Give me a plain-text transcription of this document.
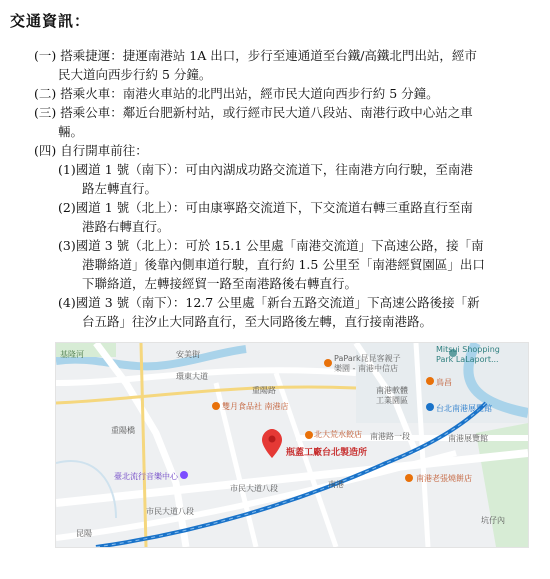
交通資訊：
(一) 搭乘捷運：捷運南港站 1A 出口，步行至連通道至台鐵/高鐵北門出站，經市
民大道向西步行約 5 分鐘。
(二) 搭乘火車：南港火車站的北門出站，經市民大道向西步行約 5 分鐘。
(三) 搭乘公車：鄰近台肥新村站，或行經市民大道八段站、南港行政中心站之車
輛。
(四) 自行開車前往：
(1)國道 1 號（南下）：可由內湖成功路交流道下，往南港方向行駛，至南港
路左轉直行。
(2)國道 1 號（北上）：可由康寧路交流道下，下交流道右轉三重路直行至南
港路右轉直行。
(3)國道 3 號（北上）：可於 15.1 公里處「南港交流道」下高速公路，接「南
港聯絡道」後靠內側車道行駛，直行約 1.5 公里至「南港經貿園區」出口
下聯絡道，左轉接經貿一路至南港路後右轉直行。
(4)國道 3 號（南下）：12.7 公里處「新台五路交流道」下高速公路後接「新
台五路」往汐止大同路直行，至大同路後左轉，直行接南港路。
基隆河	安美街
環東大道
重陽路
雙月食品社 南港店
重陽橋
PaPark昆昆客親子
樂園 - 南港中信店
南港軟體
工業園區
Mitsui Shopping
Park LaLaport...
鳥昌
台北南港展覽館
北大荒水餃店 南港路一段	南港展覽館
瓶蓋工廠台北製造所
臺北流行音樂中心
市民大道八段
市民大道八段
南港
南港老張燒餅店
昆陽
坑仔內
